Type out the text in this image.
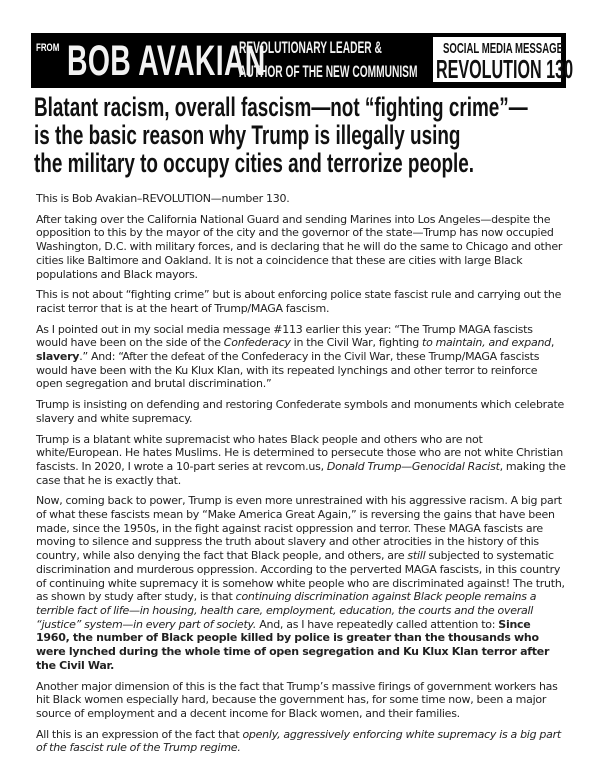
FROM BOB AVAKIAN
REVOLUTIONARY LEADER &
AUTHOR OF THE NEW COMMUNISM
SOCIAL MEDIA MESSAGE
REVOLUTION 130
Blatant racism, overall fascism—not “fighting crime”—
is the basic reason why Trump is illegally using
the military to occupy cities and terrorize people.

This is Bob Avakian–REVOLUTION—number 130.

After taking over the California National Guard and sending Marines into Los Angeles—despite the opposition to this by the mayor of the city and the governor of the state—Trump has now occupied Washington, D.C. with military forces, and is declaring that he will do the same to Chicago and other cities like Baltimore and Oakland. It is not a coincidence that these are cities with large Black populations and Black mayors.

This is not about “fighting crime” but is about enforcing police state fascist rule and carrying out the racist terror that is at the heart of Trump/MAGA fascism.

As I pointed out in my social media message #113 earlier this year: “The Trump MAGA fascists would have been on the side of the Confederacy in the Civil War, fighting to maintain, and expand, slavery.” And: “After the defeat of the Confederacy in the Civil War, these Trump/MAGA fascists would have been with the Ku Klux Klan, with its repeated lynchings and other terror to reinforce open segregation and brutal discrimination.”

Trump is insisting on defending and restoring Confederate symbols and monuments which celebrate slavery and white supremacy.

Trump is a blatant white supremacist who hates Black people and others who are not white/European. He hates Muslims. He is determined to persecute those who are not white Christian fascists. In 2020, I wrote a 10-part series at revcom.us, Donald Trump—Genocidal Racist, making the case that he is exactly that.

Now, coming back to power, Trump is even more unrestrained with his aggressive racism. A big part of what these fascists mean by “Make America Great Again,” is reversing the gains that have been made, since the 1950s, in the fight against racist oppression and terror. These MAGA fascists are moving to silence and suppress the truth about slavery and other atrocities in the history of this country, while also denying the fact that Black people, and others, are still subjected to systematic discrimination and murderous oppression. According to the perverted MAGA fascists, in this country of continuing white supremacy it is somehow white people who are discriminated against! The truth, as shown by study after study, is that continuing discrimination against Black people remains a terrible fact of life—in housing, health care, employment, education, the courts and the overall “justice” system—in every part of society. And, as I have repeatedly called attention to: Since 1960, the number of Black people killed by police is greater than the thousands who were lynched during the whole time of open segregation and Ku Klux Klan terror after the Civil War.

Another major dimension of this is the fact that Trump’s massive firings of government workers has hit Black women especially hard, because the government has, for some time now, been a major source of employment and a decent income for Black women, and their families.

All this is an expression of the fact that openly, aggressively enforcing white supremacy is a big part of the fascist rule of the Trump regime.
